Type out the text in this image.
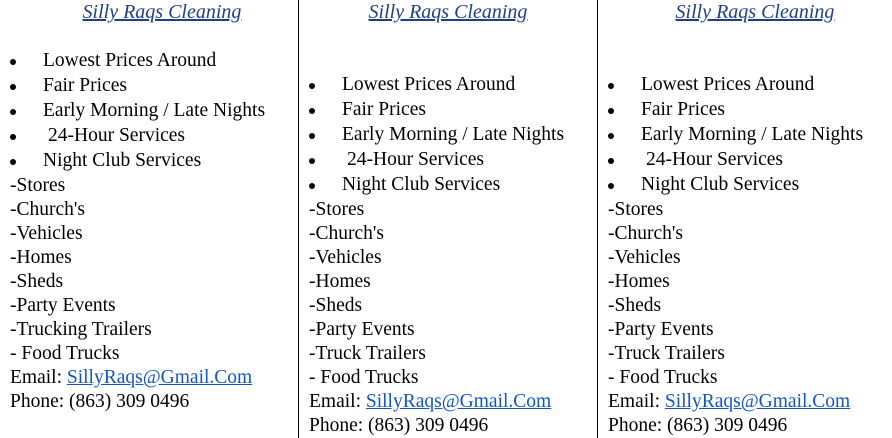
Silly Raqs Cleaning
Lowest Prices Around
Fair Prices
Early Morning / Late Nights
24-Hour Services
Night Club Services
-Stores
-Church's
-Vehicles
-Homes
-Sheds
-Party Events
-Trucking Trailers
- Food Trucks
Email: SillyRaqs@Gmail.Com
Phone: (863) 309 0496
Silly Raqs Cleaning
Lowest Prices Around
Fair Prices
Early Morning / Late Nights
24-Hour Services
Night Club Services
-Stores
-Church's
-Vehicles
-Homes
-Sheds
-Party Events
-Truck Trailers
- Food Trucks
Email: SillyRaqs@Gmail.Com
Phone: (863) 309 0496
Silly Raqs Cleaning
Lowest Prices Around
Fair Prices
Early Morning / Late Nights
24-Hour Services
Night Club Services
-Stores
-Church's
-Vehicles
-Homes
-Sheds
-Party Events
-Truck Trailers
- Food Trucks
Email: SillyRaqs@Gmail.Com
Phone: (863) 309 0496
